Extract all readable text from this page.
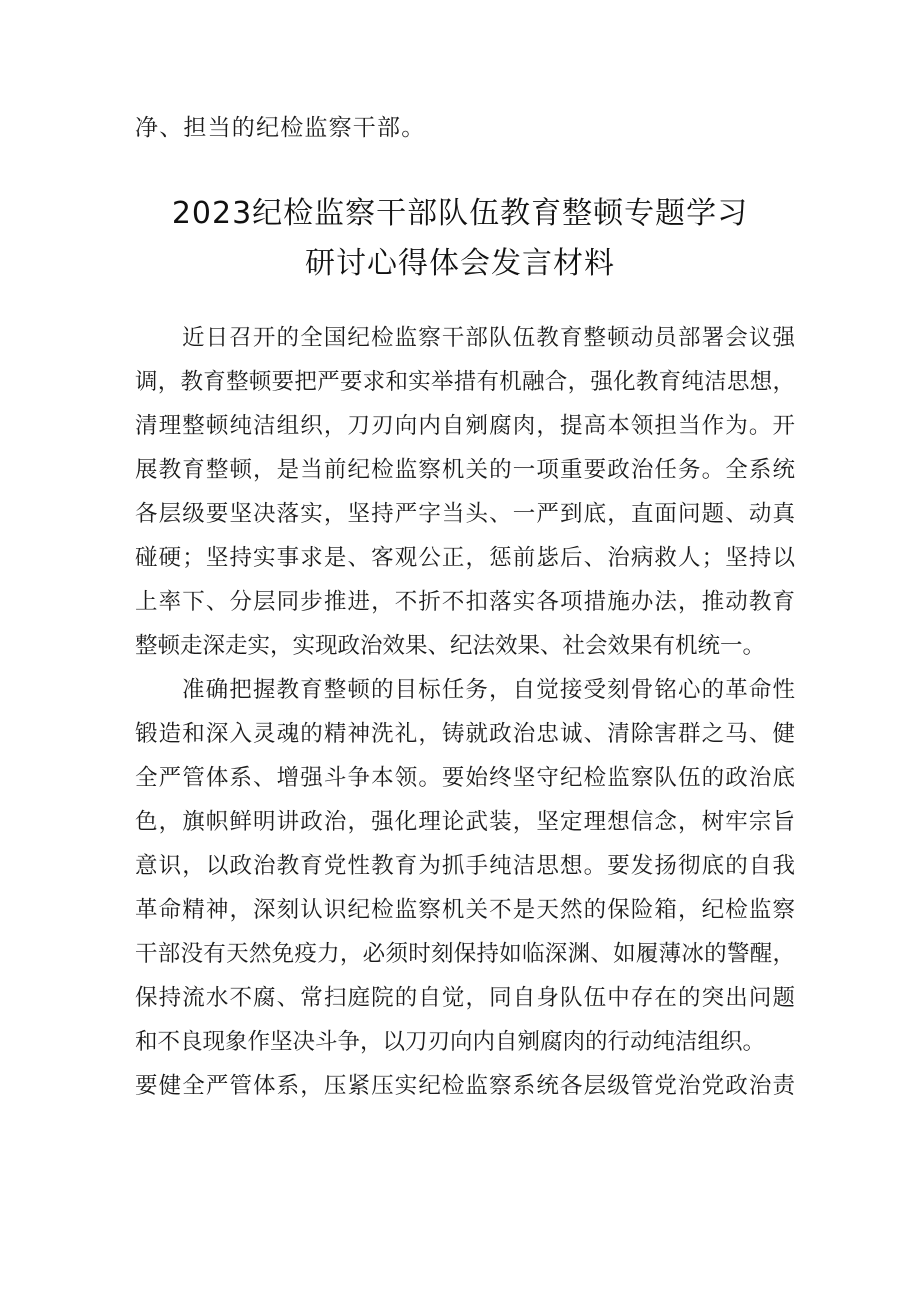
净、担当的纪检监察干部。
2023纪检监察干部队伍教育整顿专题学习
研讨心得体会发言材料
近日召开的全国纪检监察干部队伍教育整顿动员部署会议强
调，教育整顿要把严要求和实举措有机融合，强化教育纯洁思想，
清理整顿纯洁组织，刀刃向内自剜腐肉，提高本领担当作为。开
展教育整顿，是当前纪检监察机关的一项重要政治任务。全系统
各层级要坚决落实，坚持严字当头、一严到底，直面问题、动真
碰硬；坚持实事求是、客观公正，惩前毖后、治病救人；坚持以
上率下、分层同步推进，不折不扣落实各项措施办法，推动教育
整顿走深走实，实现政治效果、纪法效果、社会效果有机统一。
准确把握教育整顿的目标任务，自觉接受刻骨铭心的革命性
锻造和深入灵魂的精神洗礼，铸就政治忠诚、清除害群之马、健
全严管体系、增强斗争本领。要始终坚守纪检监察队伍的政治底
色，旗帜鲜明讲政治，强化理论武装，坚定理想信念，树牢宗旨
意识，以政治教育党性教育为抓手纯洁思想。要发扬彻底的自我
革命精神，深刻认识纪检监察机关不是天然的保险箱，纪检监察
干部没有天然免疫力，必须时刻保持如临深渊、如履薄冰的警醒，
保持流水不腐、常扫庭院的自觉，同自身队伍中存在的突出问题
和不良现象作坚决斗争，以刀刃向内自剜腐肉的行动纯洁组织。
要健全严管体系，压紧压实纪检监察系统各层级管党治党政治责
